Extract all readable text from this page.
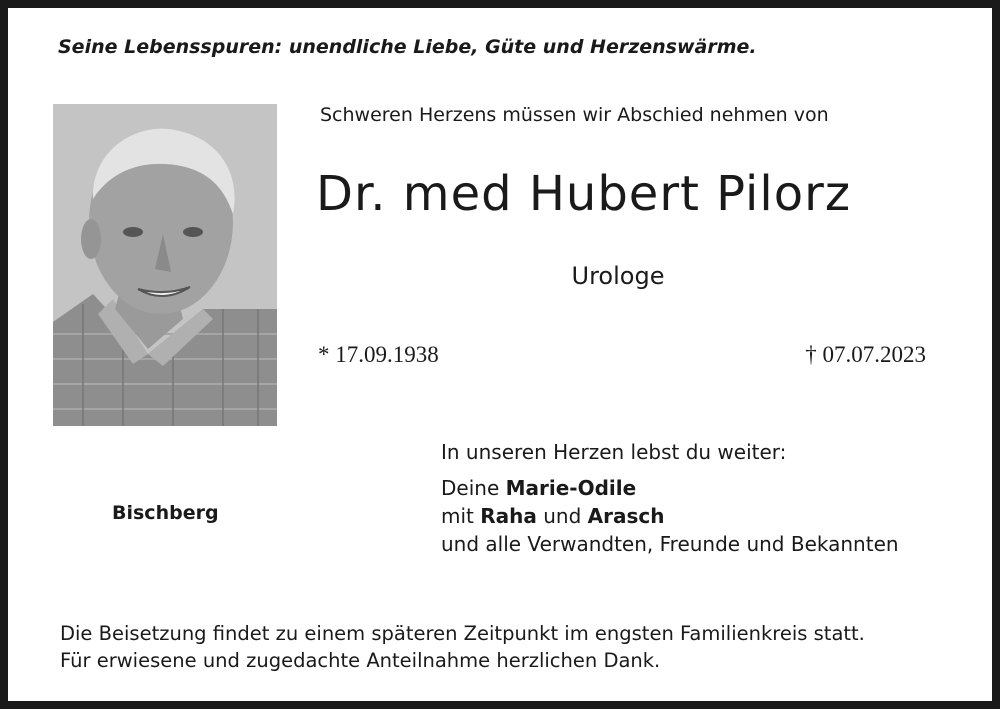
Seine Lebensspuren: unendliche Liebe, Güte und Herzenswärme.

Schweren Herzens müssen wir Abschied nehmen von

Dr. med Hubert Pilorz

Urologe

* 17.09.1938	† 07.07.2023
Bischberg
In unseren Herzen lebst du weiter:
Deine Marie-Odile
mit Raha und Arasch
und alle Verwandten, Freunde und Bekannten
Die Beisetzung findet zu einem späteren Zeitpunkt im engsten Familienkreis statt.
Für erwiesene und zugedachte Anteilnahme herzlichen Dank.
